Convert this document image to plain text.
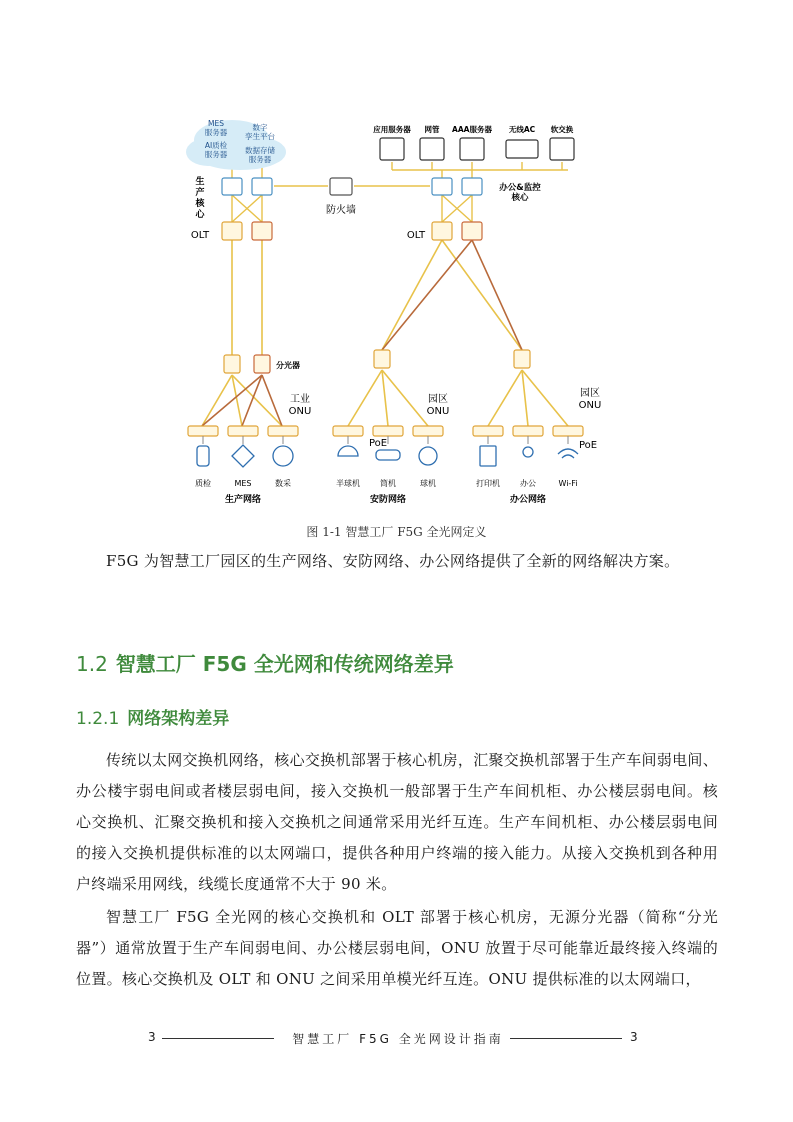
MES 服务器
数字孪生平台
AI质检服务器 数据存储服务器
应用服务器 网管 AAA服务器 无线AC 软交换
防火墙
生产核心
办公&监控核心
OLT	OLT
分光器
工业 ONU
园区 ONU
园区 ONU
PoE	PoE
质检	MES	数采	半球机	筒机	球机	打印机	办公	Wi-Fi
生产网络	安防网络	办公网络
图 1-1 智慧工厂 F5G 全光网定义
F5G 为智慧工厂园区的生产网络、安防网络、办公网络提供了全新的网络解决方案。
1.2 智慧工厂 F5G 全光网和传统网络差异
1.2.1 网络架构差异
传统以太网交换机网络，核心交换机部署于核心机房，汇聚交换机部署于生产车间弱电间、办公楼宇弱电间或者楼层弱电间，接入交换机一般部署于生产车间机柜、办公楼层弱电间。核心交换机、汇聚交换机和接入交换机之间通常采用光纤互连。生产车间机柜、办公楼层弱电间的接入交换机提供标准的以太网端口，提供各种用户终端的接入能力。从接入交换机到各种用户终端采用网线，线缆长度通常不大于 90 米。
智慧工厂 F5G 全光网的核心交换机和 OLT 部署于核心机房，无源分光器（简称“分光器”）通常放置于生产车间弱电间、办公楼层弱电间，ONU 放置于尽可能靠近最终接入终端的位置。核心交换机及 OLT 和 ONU 之间采用单模光纤互连。ONU 提供标准的以太网端口，
3	智慧工厂 F5G 全光网设计指南	3
